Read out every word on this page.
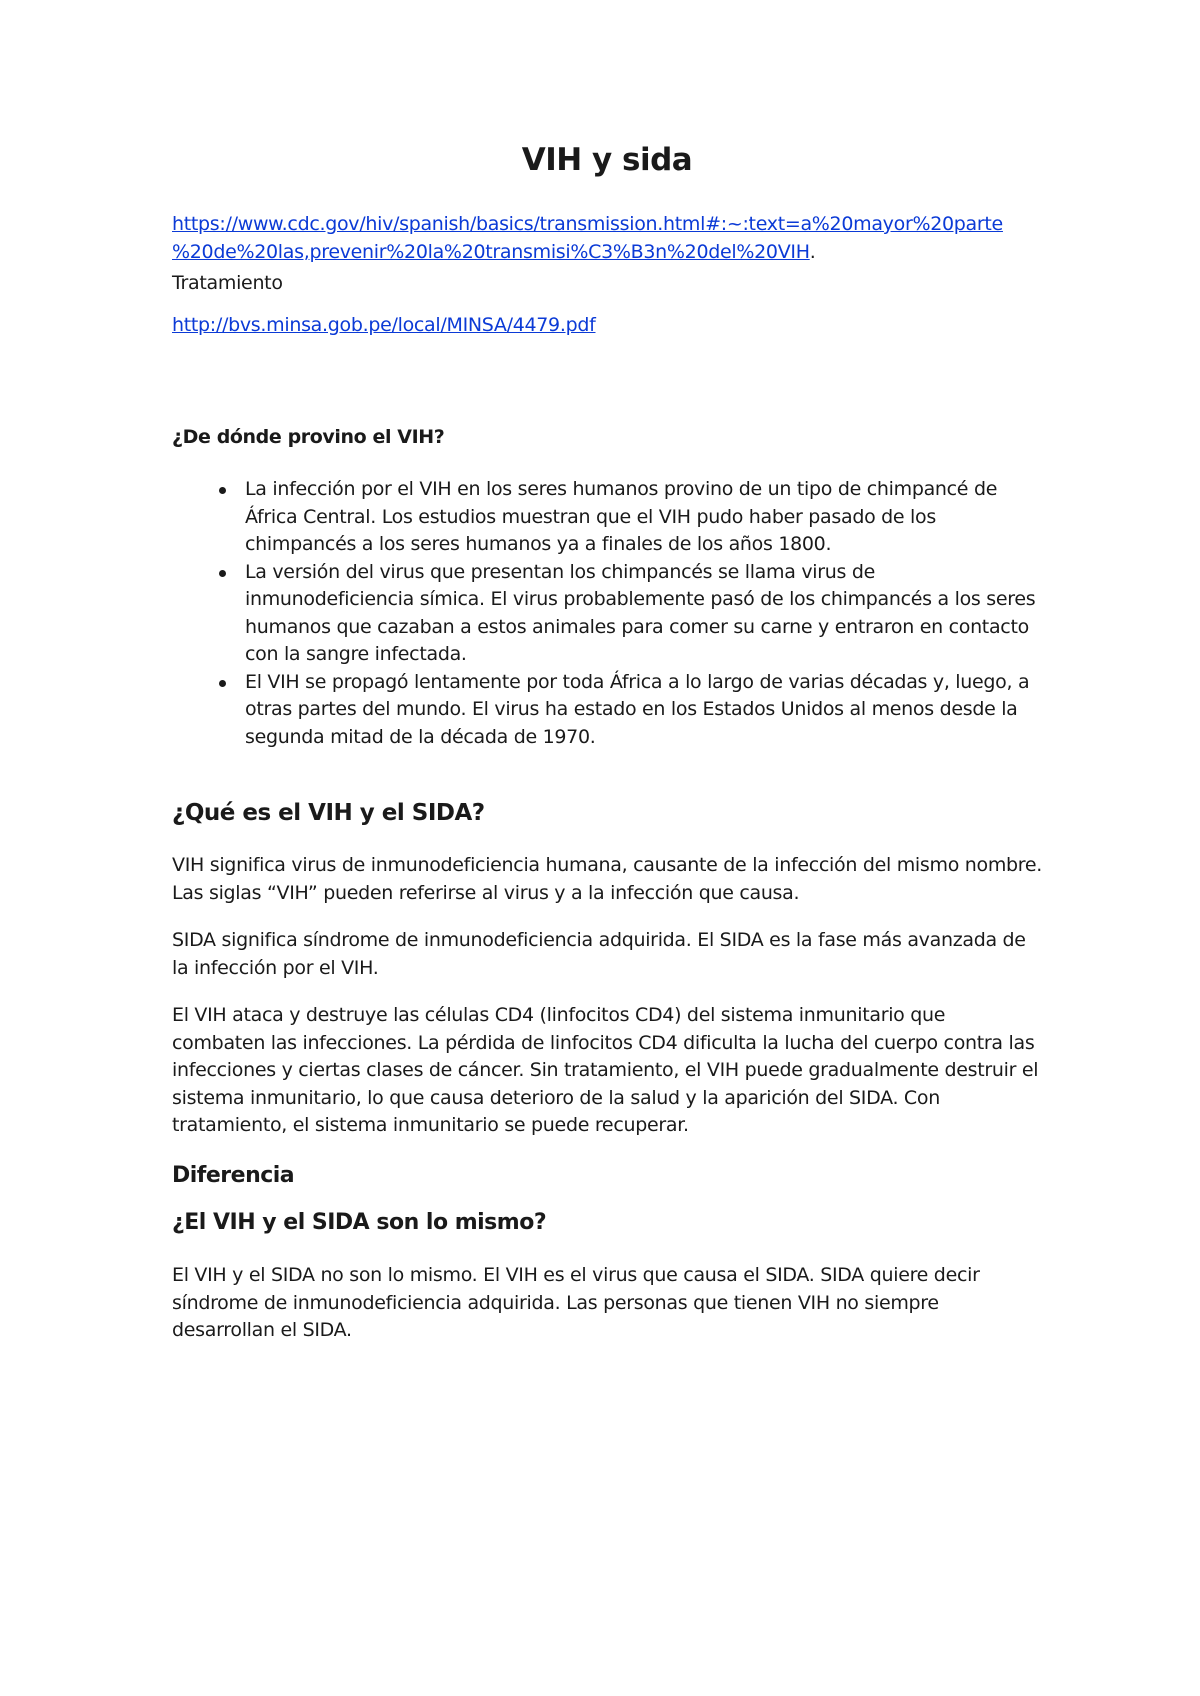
VIH y sida
https://www.cdc.gov/hiv/spanish/basics/transmission.html#:~:text=a%20mayor%20parte
%20de%20las,prevenir%20la%20transmisi%C3%B3n%20del%20VIH.

Tratamiento

http://bvs.minsa.gob.pe/local/MINSA/4479.pdf
¿De dónde provino el VIH?
La infección por el VIH en los seres humanos provino de un tipo de chimpancé de África Central. Los estudios muestran que el VIH pudo haber pasado de los chimpancés a los seres humanos ya a finales de los años 1800.
La versión del virus que presentan los chimpancés se llama virus de inmunodeficiencia símica. El virus probablemente pasó de los chimpancés a los seres humanos que cazaban a estos animales para comer su carne y entraron en contacto con la sangre infectada.
El VIH se propagó lentamente por toda África a lo largo de varias décadas y, luego, a otras partes del mundo. El virus ha estado en los Estados Unidos al menos desde la segunda mitad de la década de 1970.
¿Qué es el VIH y el SIDA?

VIH significa virus de inmunodeficiencia humana, causante de la infección del mismo nombre. Las siglas “VIH” pueden referirse al virus y a la infección que causa.

SIDA significa síndrome de inmunodeficiencia adquirida. El SIDA es la fase más avanzada de la infección por el VIH.

El VIH ataca y destruye las células CD4 (linfocitos CD4) del sistema inmunitario que combaten las infecciones. La pérdida de linfocitos CD4 dificulta la lucha del cuerpo contra las infecciones y ciertas clases de cáncer. Sin tratamiento, el VIH puede gradualmente destruir el sistema inmunitario, lo que causa deterioro de la salud y la aparición del SIDA. Con tratamiento, el sistema inmunitario se puede recuperar.

Diferencia
¿El VIH y el SIDA son lo mismo?

El VIH y el SIDA no son lo mismo. El VIH es el virus que causa el SIDA. SIDA quiere decir síndrome de inmunodeficiencia adquirida. Las personas que tienen VIH no siempre desarrollan el SIDA.
